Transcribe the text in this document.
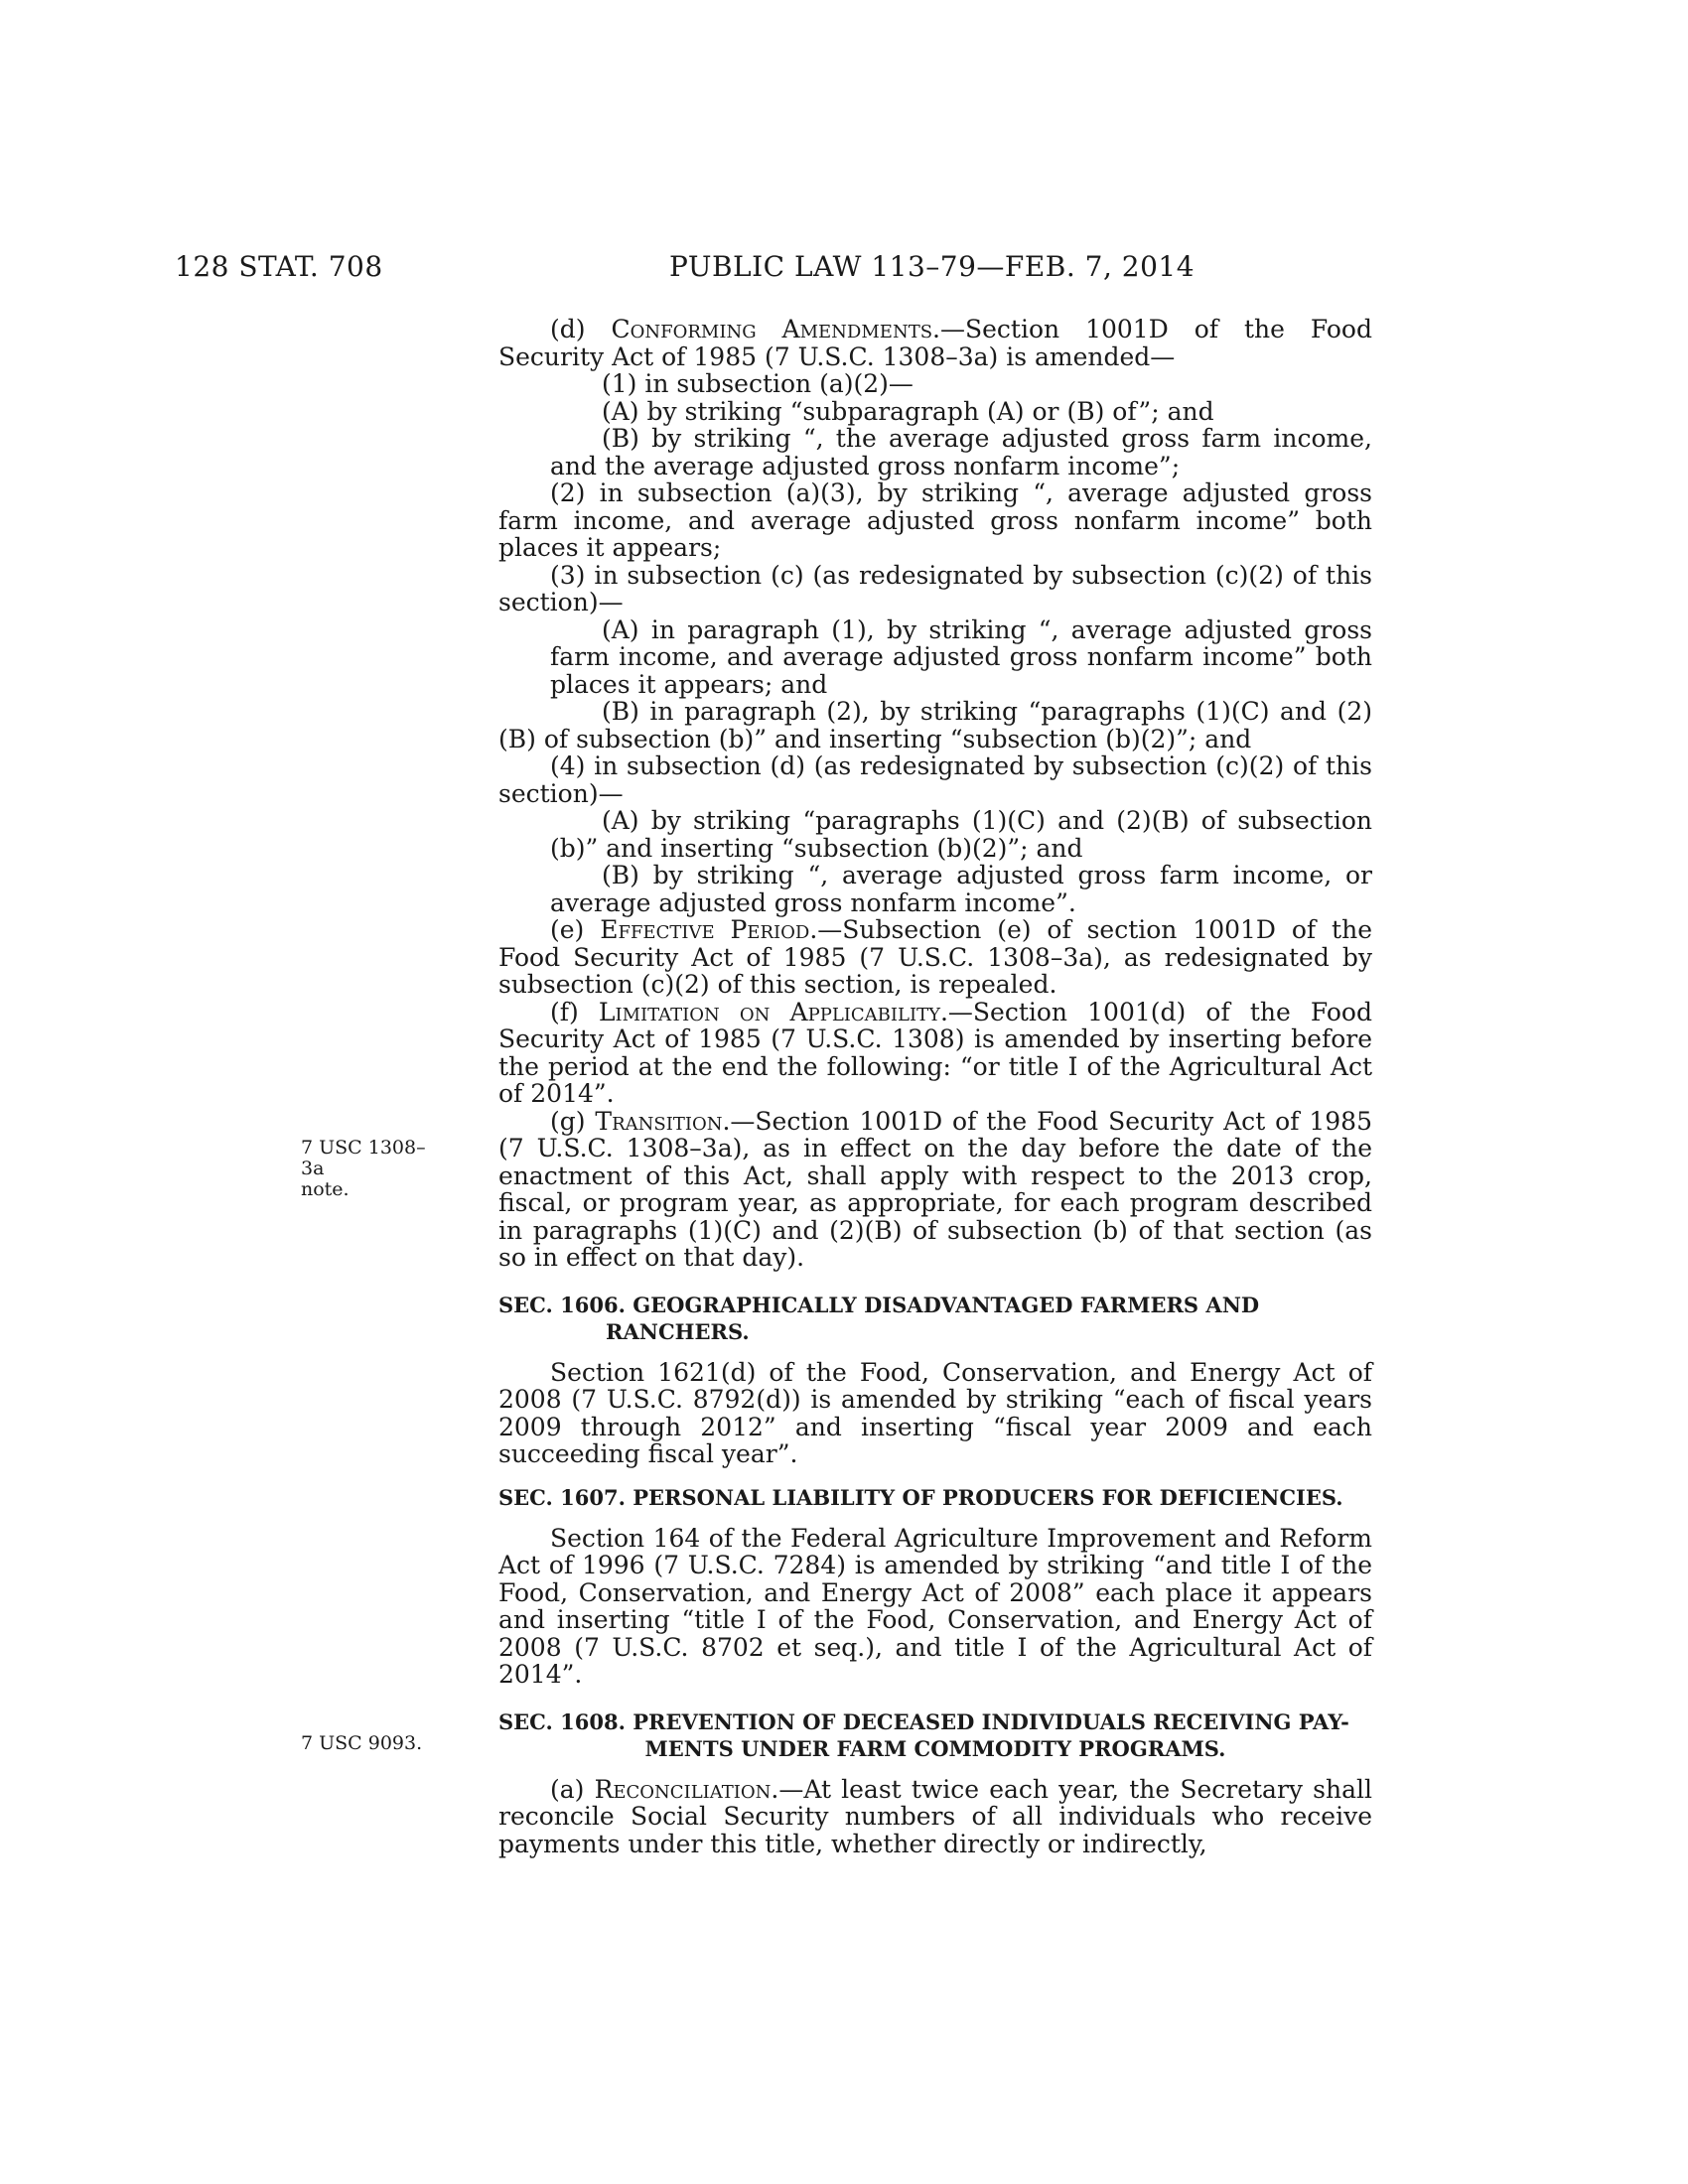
128 STAT. 708	PUBLIC LAW 113–79—FEB. 7, 2014
7 USC 1308–3a
note.
7 USC 9093.

(d) Conforming Amendments.—Section 1001D of the Food Security Act of 1985 (7 U.S.C. 1308–3a) is amended—

(1) in subsection (a)(2)—

(A) by striking “subparagraph (A) or (B) of”; and

(B) by striking “, the average adjusted gross farm income, and the average adjusted gross nonfarm income”;

(2) in subsection (a)(3), by striking “, average adjusted gross farm income, and average adjusted gross nonfarm income” both places it appears;

(3) in subsection (c) (as redesignated by subsection (c)(2) of this section)—

(A) in paragraph (1), by striking “, average adjusted gross farm income, and average adjusted gross nonfarm income” both places it appears; and

(B) in paragraph (2), by striking “paragraphs (1)(C) and (2)(B) of subsection (b)” and inserting “subsection (b)(2)”; and

(4) in subsection (d) (as redesignated by subsection (c)(2) of this section)—

(A) by striking “paragraphs (1)(C) and (2)(B) of subsection (b)” and inserting “subsection (b)(2)”; and

(B) by striking “, average adjusted gross farm income, or average adjusted gross nonfarm income”.

(e) Effective Period.—Subsection (e) of section 1001D of the Food Security Act of 1985 (7 U.S.C. 1308–3a), as redesignated by subsection (c)(2) of this section, is repealed.

(f) Limitation on Applicability.—Section 1001(d) of the Food Security Act of 1985 (7 U.S.C. 1308) is amended by inserting before the period at the end the following: “or title I of the Agricultural Act of 2014”.

(g) Transition.—Section 1001D of the Food Security Act of 1985 (7 U.S.C. 1308–3a), as in effect on the day before the date of the enactment of this Act, shall apply with respect to the 2013 crop, fiscal, or program year, as appropriate, for each program described in paragraphs (1)(C) and (2)(B) of subsection (b) of that section (as so in effect on that day).

SEC. 1606. GEOGRAPHICALLY DISADVANTAGED FARMERS AND
RANCHERS.

Section 1621(d) of the Food, Conservation, and Energy Act of 2008 (7 U.S.C. 8792(d)) is amended by striking “each of fiscal years 2009 through 2012” and inserting “fiscal year 2009 and each succeeding fiscal year”.

SEC. 1607. PERSONAL LIABILITY OF PRODUCERS FOR DEFICIENCIES.

Section 164 of the Federal Agriculture Improvement and Reform Act of 1996 (7 U.S.C. 7284) is amended by striking “and title I of the Food, Conservation, and Energy Act of 2008” each place it appears and inserting “title I of the Food, Conservation, and Energy Act of 2008 (7 U.S.C. 8702 et seq.), and title I of the Agricultural Act of 2014”.

SEC. 1608. PREVENTION OF DECEASED INDIVIDUALS RECEIVING PAY-
MENTS UNDER FARM COMMODITY PROGRAMS.

(a) Reconciliation.—At least twice each year, the Secretary shall reconcile Social Security numbers of all individuals who receive payments under this title, whether directly or indirectly,
